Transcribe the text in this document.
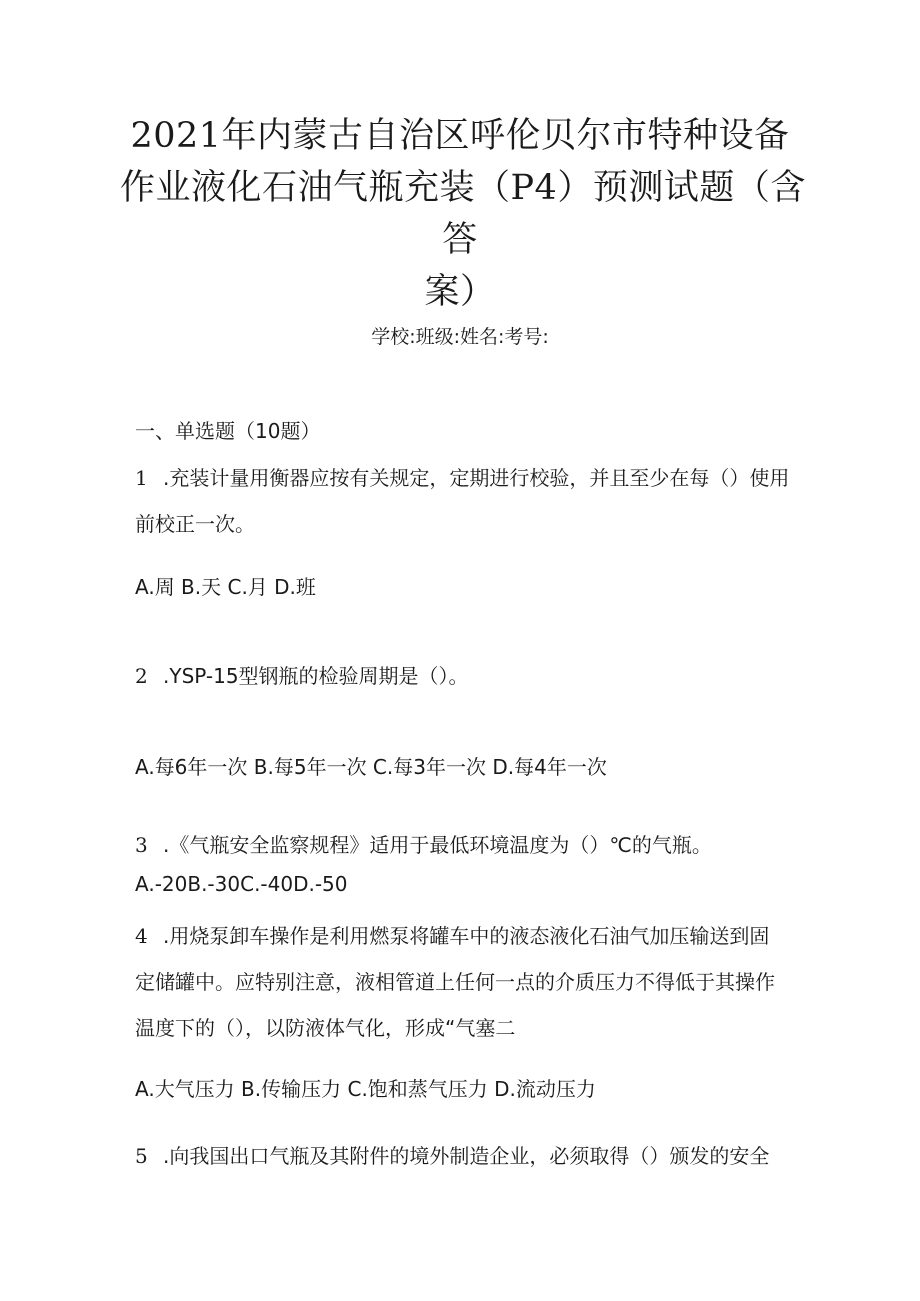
2021年内蒙古自治区呼伦贝尔市特种设备
作业液化石油气瓶充装（P4）预测试题（含
答
案）
学校:班级:姓名:考号:
一、单选题（10题）
1 .充装计量用衡器应按有关规定，定期进行校验，并且至少在每（）使用
前校正一次。
A.周 B.天 C.月 D.班
2 .YSP-15型钢瓶的检验周期是（）。
A.每6年一次 B.每5年一次 C.每3年一次 D.每4年一次
3 .《气瓶安全监察规程》适用于最低环境温度为（）℃的气瓶。
A.-20B.-30C.-40D.-50
4 .用烧泵卸车操作是利用燃泵将罐车中的液态液化石油气加压输送到固
定储罐中。应特别注意，液相管道上任何一点的介质压力不得低于其操作
温度下的（），以防液体气化，形成“气塞二
A.大气压力 B.传输压力 C.饱和蒸气压力 D.流动压力
5 .向我国出口气瓶及其附件的境外制造企业，必须取得（）颁发的安全
